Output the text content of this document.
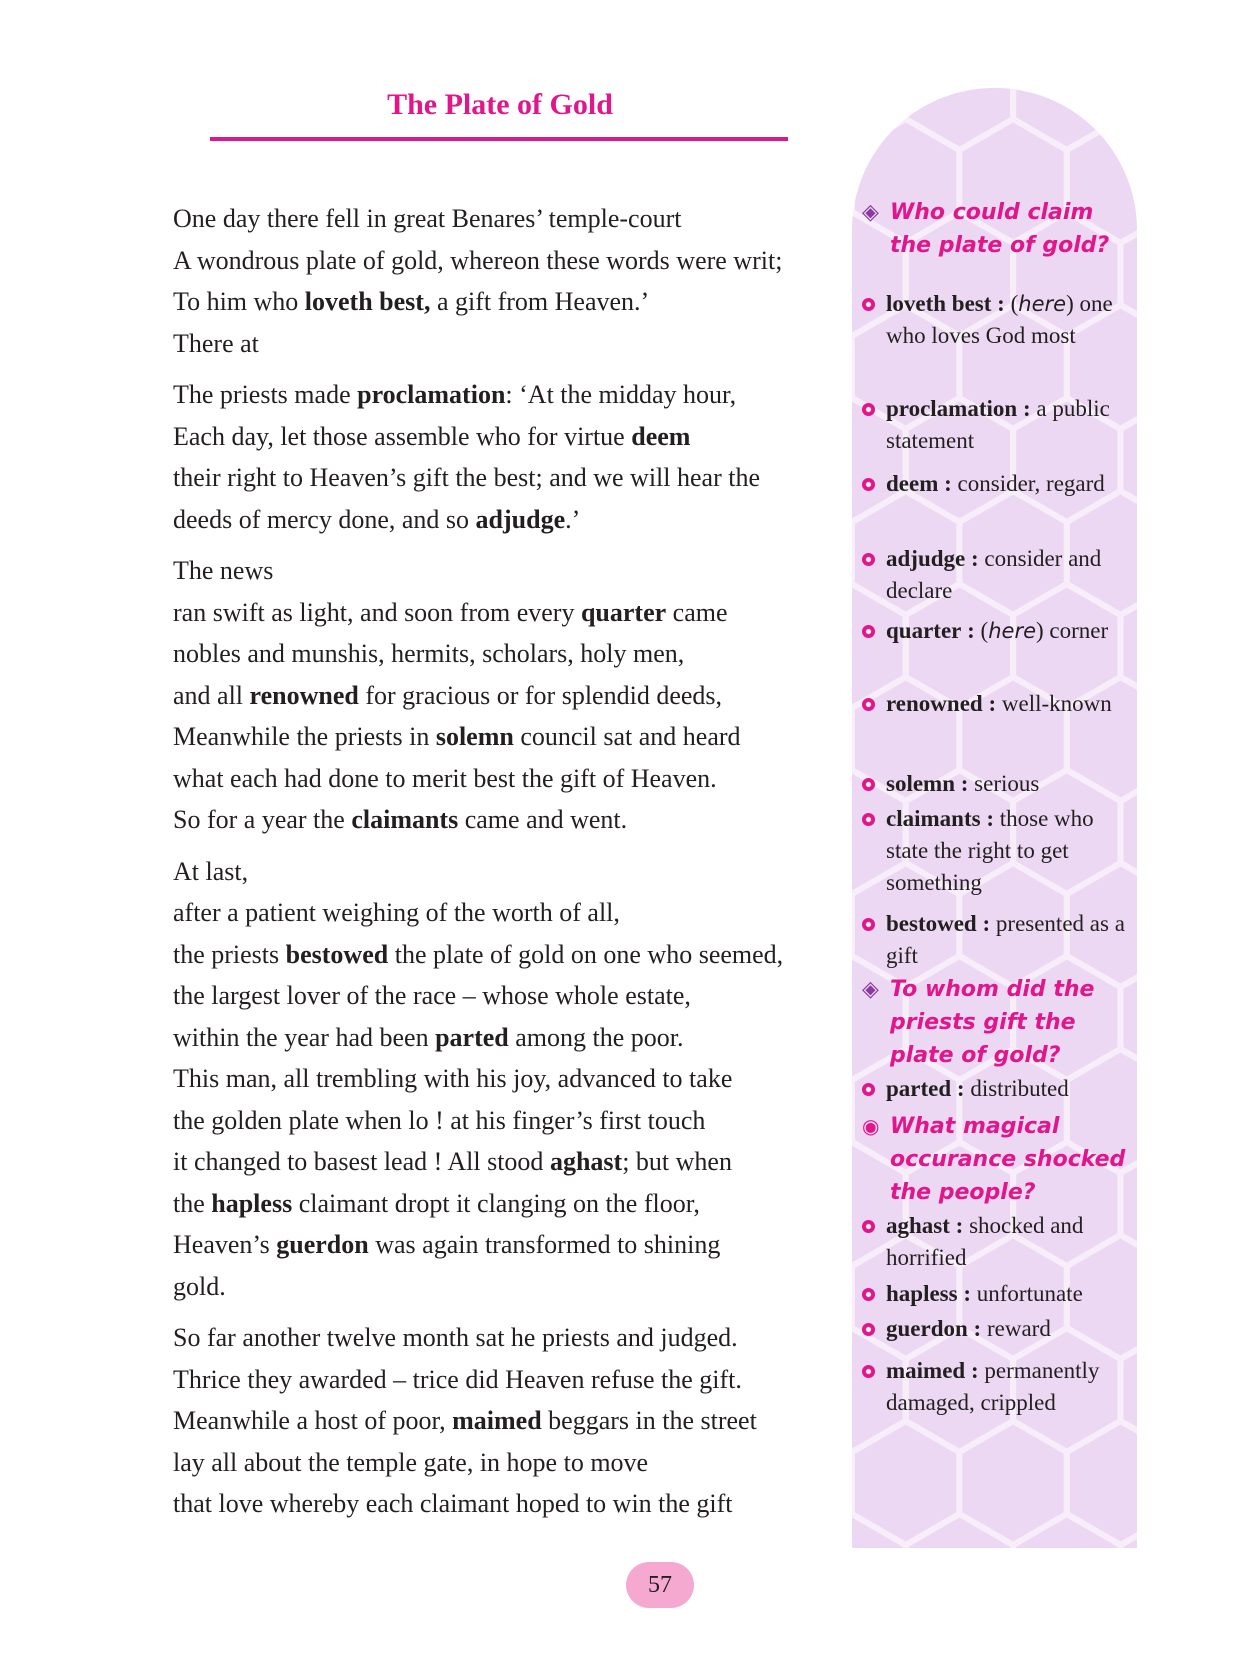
The Plate of Gold
One day there fell in great Benares’ temple-court
A wondrous plate of gold, whereon these words were writ;
To him who loveth best, a gift from Heaven.’
There at
The priests made proclamation: ‘At the midday hour,
Each day, let those assemble who for virtue deem
their right to Heaven’s gift the best; and we will hear the
deeds of mercy done, and so adjudge.’
The news
ran swift as light, and soon from every quarter came
nobles and munshis, hermits, scholars, holy men,
and all renowned for gracious or for splendid deeds,
Meanwhile the priests in solemn council sat and heard
what each had done to merit best the gift of Heaven.
So for a year the claimants came and went.
At last,
after a patient weighing of the worth of all,
the priests bestowed the plate of gold on one who seemed,
the largest lover of the race – whose whole estate,
within the year had been parted among the poor.
This man, all trembling with his joy, advanced to take
the golden plate when lo ! at his finger’s first touch
it changed to basest lead ! All stood aghast; but when
the hapless claimant dropt it clanging on the floor,
Heaven’s guerdon was again transformed to shining
gold.
So far another twelve month sat he priests and judged.
Thrice they awarded – trice did Heaven refuse the gift.
Meanwhile a host of poor, maimed beggars in the street
lay all about the temple gate, in hope to move
that love whereby each claimant hoped to win the gift
◈ Who could claim the plate of gold?
loveth best : (here) one who loves God most
proclamation : a public statement
deem : consider, regard
adjudge : consider and declare
quarter : (here) corner
renowned : well-known
solemn : serious
claimants : those who state the right to get something
bestowed : presented as a gift
◈ To whom did the priests gift the plate of gold?
parted : distributed
◉ What magical occurance shocked the people?
aghast : shocked and horrified
hapless : unfortunate
guerdon : reward
maimed : permanently damaged, crippled
57
